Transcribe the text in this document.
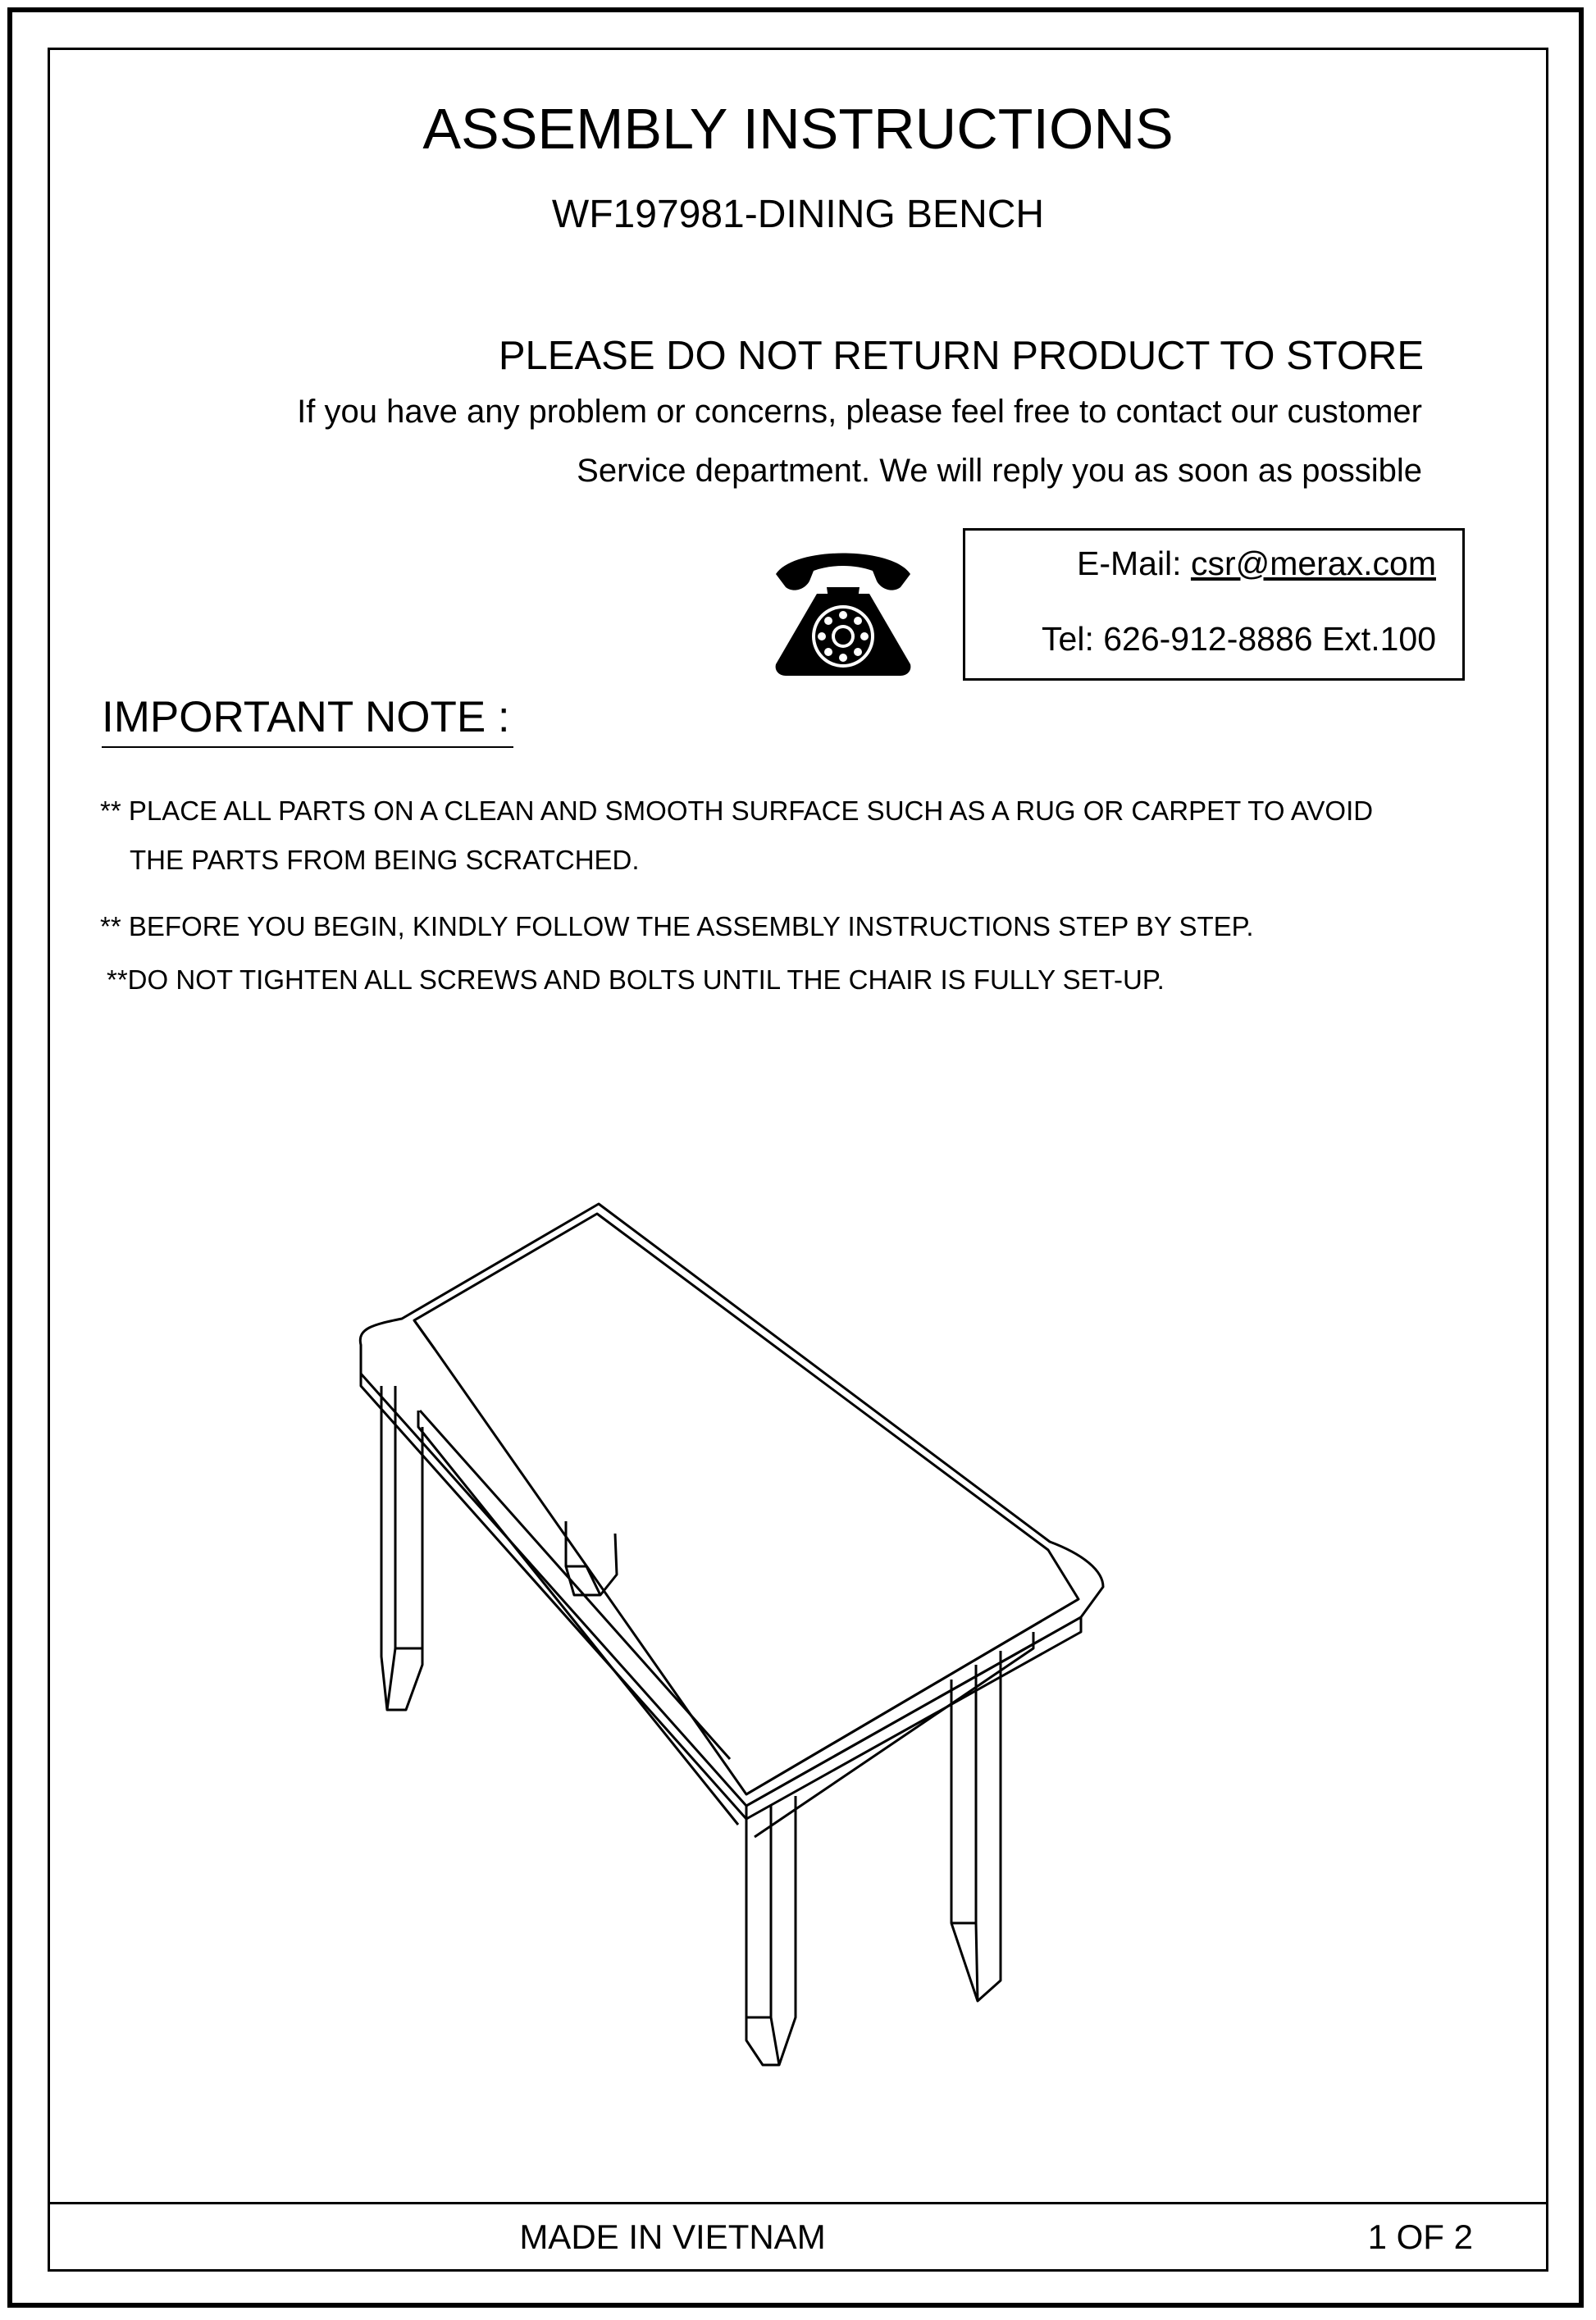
ASSEMBLY INSTRUCTIONS
WF197981-DINING BENCH
PLEASE DO NOT RETURN PRODUCT TO STORE
If you have any problem or concerns, please feel free to contact our customer
Service department. We will reply you as soon as possible
E-Mail: csr@merax.com
Tel: 626-912-8886 Ext.100
IMPORTANT NOTE :
** PLACE ALL PARTS ON A CLEAN AND SMOOTH SURFACE SUCH AS A RUG OR CARPET TO AVOID
THE PARTS FROM BEING SCRATCHED.
** BEFORE YOU BEGIN, KINDLY FOLLOW THE ASSEMBLY INSTRUCTIONS STEP BY STEP.
**DO NOT TIGHTEN ALL SCREWS AND BOLTS UNTIL THE CHAIR IS FULLY SET-UP.
MADE IN VIETNAM	1 OF 2
